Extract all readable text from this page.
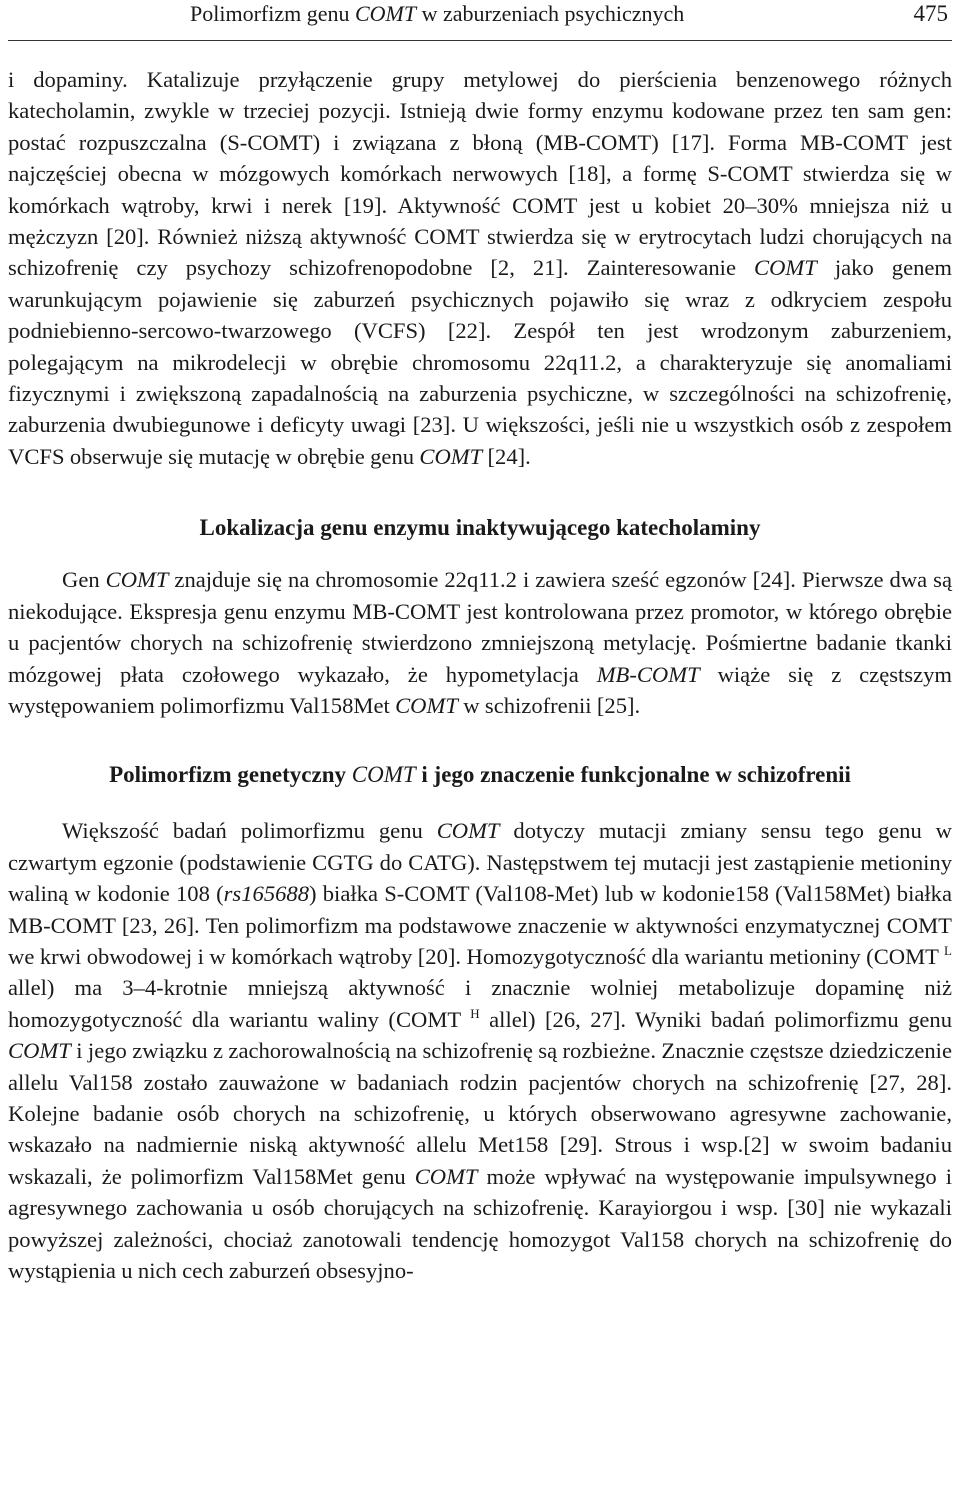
Polimorfizm genu COMT w zaburzeniach psychicznych	475

i dopaminy. Katalizuje przyłączenie grupy metylowej do pierścienia benzenowego różnych katecholamin, zwykle w trzeciej pozycji. Istnieją dwie formy enzymu kodowane przez ten sam gen: postać rozpuszczalna (S-COMT) i związana z błoną (MB-COMT) [17]. Forma MB-COMT jest najczęściej obecna w mózgowych komórkach nerwowych [18], a formę S-COMT stwierdza się w komórkach wątroby, krwi i nerek [19]. Aktywność COMT jest u kobiet 20–30% mniejsza niż u mężczyzn [20]. Również niższą aktywność COMT stwierdza się w erytrocytach ludzi chorujących na schizofrenię czy psychozy schizofrenopodobne [2, 21]. Zainteresowanie COMT jako genem warunkującym pojawienie się zaburzeń psychicznych pojawiło się wraz z odkryciem zespołu podniebienno-sercowo-twarzowego (VCFS) [22]. Zespół ten jest wrodzonym zaburzeniem, polegającym na mikrodelecji w obrębie chromosomu 22q11.2, a charakteryzuje się anomaliami fizycznymi i zwiększoną zapadalnością na zaburzenia psychiczne, w szczególności na schizofrenię, zaburzenia dwubiegunowe i deficyty uwagi [23]. U większości, jeśli nie u wszystkich osób z zespołem VCFS obserwuje się mutację w obrębie genu COMT [24].

Lokalizacja genu enzymu inaktywującego katecholaminy

Gen COMT znajduje się na chromosomie 22q11.2 i zawiera sześć egzonów [24]. Pierwsze dwa są niekodujące. Ekspresja genu enzymu MB-COMT jest kontrolowana przez promotor, w którego obrębie u pacjentów chorych na schizofrenię stwierdzono zmniejszoną metylację. Pośmiertne badanie tkanki mózgowej płata czołowego wykazało, że hypometylacja MB-COMT wiąże się z częstszym występowaniem polimorfizmu Val158Met COMT w schizofrenii [25].

Polimorfizm genetyczny COMT i jego znaczenie funkcjonalne w schizofrenii

Większość badań polimorfizmu genu COMT dotyczy mutacji zmiany sensu tego genu w czwartym egzonie (podstawienie CGTG do CATG). Następstwem tej mutacji jest zastąpienie metioniny waliną w kodonie 108 (rs165688) białka S-COMT (Val108-Met) lub w kodonie158 (Val158Met) białka MB-COMT [23, 26]. Ten polimorfizm ma podstawowe znaczenie w aktywności enzymatycznej COMT we krwi obwodowej i w komórkach wątroby [20]. Homozygotyczność dla wariantu metioniny (COMT $^L$ allel) ma 3–4-krotnie mniejszą aktywność i znacznie wolniej metabolizuje dopaminę niż homozygotyczność dla wariantu waliny (COMT $^H$ allel) [26, 27]. Wyniki badań polimorfizmu genu COMT i jego związku z zachorowalnością na schizofrenię są rozbieżne. Znacznie częstsze dziedziczenie allelu Val158 zostało zauważone w badaniach rodzin pacjentów chorych na schizofrenię [27, 28]. Kolejne badanie osób chorych na schizofrenię, u których obserwowano agresywne zachowanie, wskazało na nadmiernie niską aktywność allelu Met158 [29]. Strous i wsp.[2] w swoim badaniu wskazali, że polimorfizm Val158Met genu COMT może wpływać na występowanie impulsywnego i agresywnego zachowania u osób chorujących na schizofrenię. Karayiorgou i wsp. [30] nie wykazali powyższej zależności, chociaż zanotowali tendencję homozygot Val158 chorych na schizofrenię do wystąpienia u nich cech zaburzeń obsesyjno-
